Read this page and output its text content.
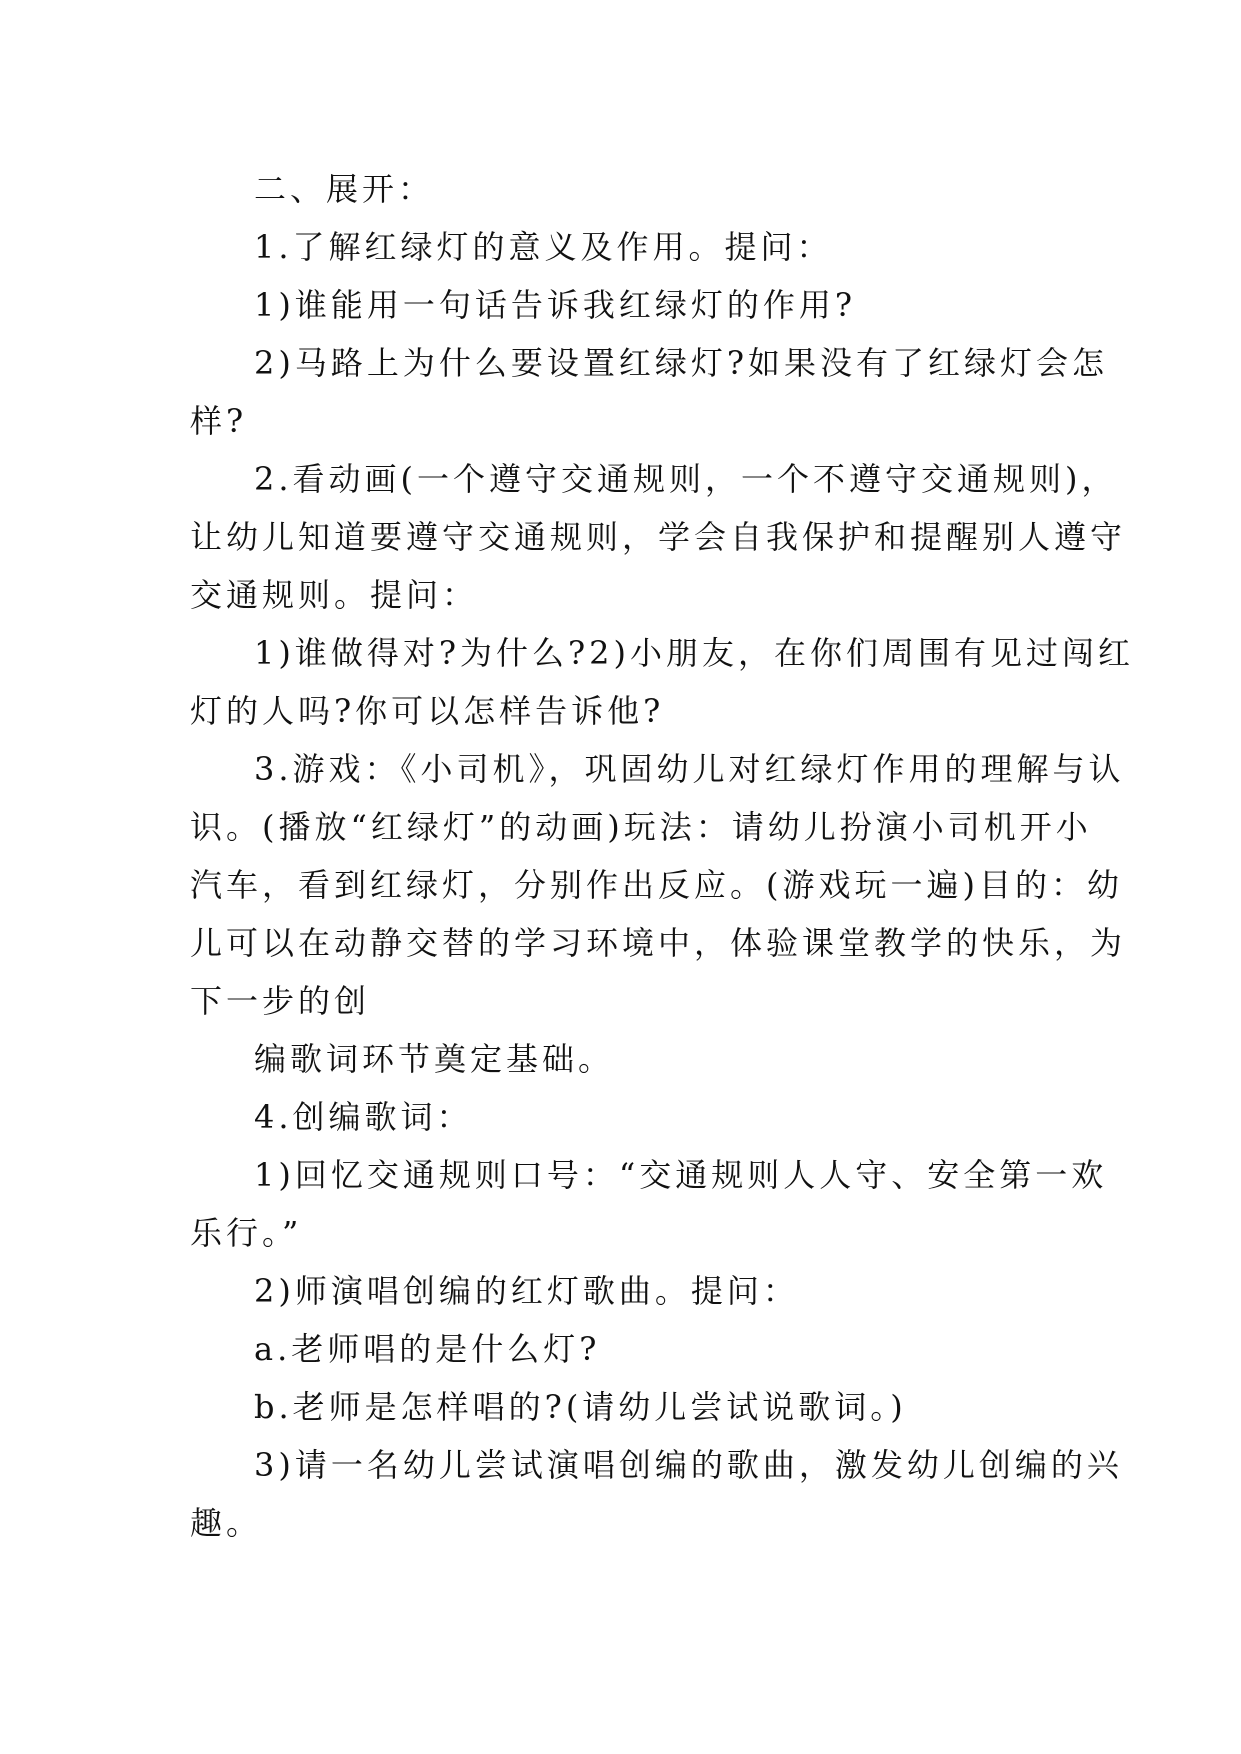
二、展开：
1.了解红绿灯的意义及作用。提问：
1)谁能用一句话告诉我红绿灯的作用?
2)马路上为什么要设置红绿灯?如果没有了红绿灯会怎
样?
2.看动画(一个遵守交通规则，一个不遵守交通规则)，
让幼儿知道要遵守交通规则，学会自我保护和提醒别人遵守
交通规则。提问：
1)谁做得对?为什么?2)小朋友，在你们周围有见过闯红
灯的人吗?你可以怎样告诉他?
3.游戏：《小司机》，巩固幼儿对红绿灯作用的理解与认
识。(播放“红绿灯”的动画)玩法：请幼儿扮演小司机开小
汽车，看到红绿灯，分别作出反应。(游戏玩一遍)目的：幼
儿可以在动静交替的学习环境中，体验课堂教学的快乐，为
下一步的创
编歌词环节奠定基础。
4.创编歌词：
1)回忆交通规则口号：“交通规则人人守、安全第一欢
乐行。”
2)师演唱创编的红灯歌曲。提问：
a.老师唱的是什么灯?
b.老师是怎样唱的?(请幼儿尝试说歌词。)
3)请一名幼儿尝试演唱创编的歌曲，激发幼儿创编的兴
趣。
